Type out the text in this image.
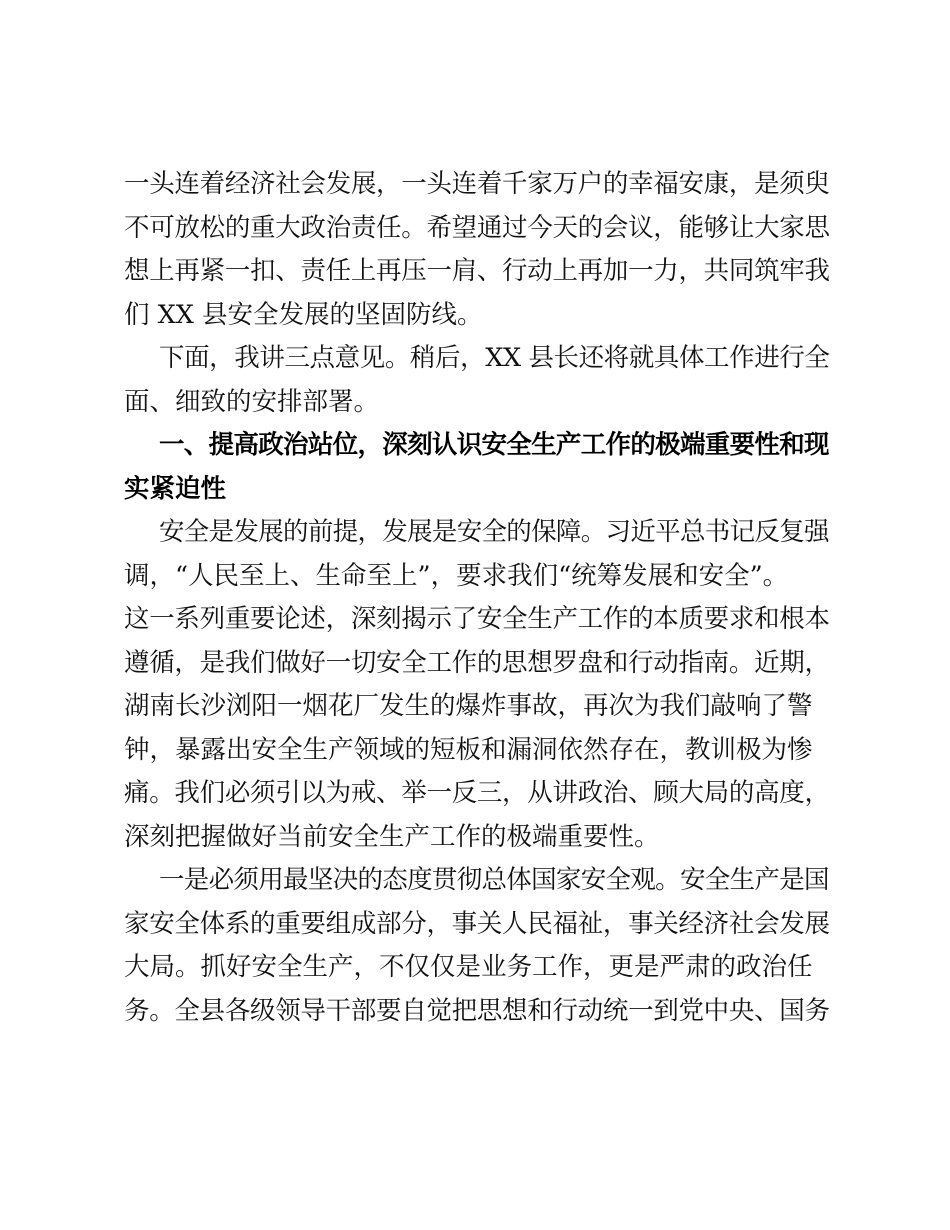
一头连着经济社会发展，一头连着千家万户的幸福安康，是须臾
不可放松的重大政治责任。希望通过今天的会议，能够让大家思
想上再紧一扣、责任上再压一肩、行动上再加一力，共同筑牢我
们 XX 县安全发展的坚固防线。
下面，我讲三点意见。稍后，XX 县长还将就具体工作进行全
面、细致的安排部署。
一、提高政治站位，深刻认识安全生产工作的极端重要性和现
实紧迫性
安全是发展的前提，发展是安全的保障。习近平总书记反复强
调，“人民至上、生命至上”，要求我们“统筹发展和安全”。
这一系列重要论述，深刻揭示了安全生产工作的本质要求和根本
遵循，是我们做好一切安全工作的思想罗盘和行动指南。近期，
湖南长沙浏阳一烟花厂发生的爆炸事故，再次为我们敲响了警
钟，暴露出安全生产领域的短板和漏洞依然存在，教训极为惨
痛。我们必须引以为戒、举一反三，从讲政治、顾大局的高度，
深刻把握做好当前安全生产工作的极端重要性。
一是必须用最坚决的态度贯彻总体国家安全观。安全生产是国
家安全体系的重要组成部分，事关人民福祉，事关经济社会发展
大局。抓好安全生产，不仅仅是业务工作，更是严肃的政治任
务。全县各级领导干部要自觉把思想和行动统一到党中央、国务
